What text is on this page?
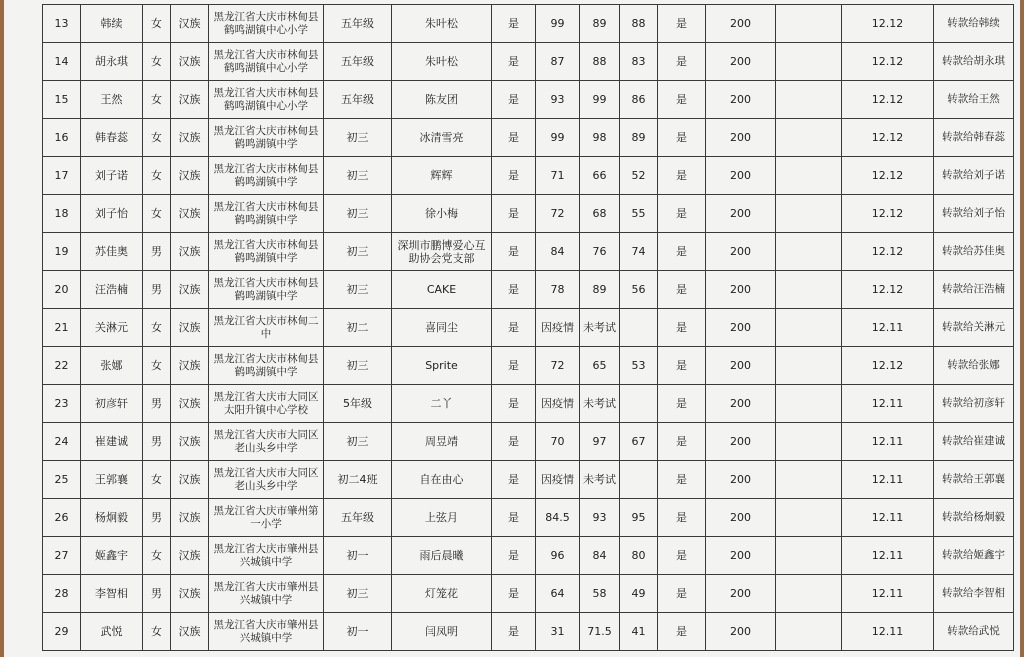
13	韩续	女	汉族	黑龙江省大庆市林甸县鹤鸣湖镇中心小学	五年级	朱叶松	是	99	89	88	是	200		12.12	转款给韩续
14	胡永琪	女	汉族	黑龙江省大庆市林甸县鹤鸣湖镇中心小学	五年级	朱叶松	是	87	88	83	是	200		12.12	转款给胡永琪
15	王然	女	汉族	黑龙江省大庆市林甸县鹤鸣湖镇中心小学	五年级	陈友团	是	93	99	86	是	200		12.12	转款给王然
16	韩春蕊	女	汉族	黑龙江省大庆市林甸县鹤鸣湖镇中学	初三	冰清雪亮	是	99	98	89	是	200		12.12	转款给韩春蕊
17	刘子诺	女	汉族	黑龙江省大庆市林甸县鹤鸣湖镇中学	初三	辉辉	是	71	66	52	是	200		12.12	转款给刘子诺
18	刘子怡	女	汉族	黑龙江省大庆市林甸县鹤鸣湖镇中学	初三	徐小梅	是	72	68	55	是	200		12.12	转款给刘子怡
19	苏佳奥	男	汉族	黑龙江省大庆市林甸县鹤鸣湖镇中学	初三	深圳市鹏博爱心互助协会党支部	是	84	76	74	是	200		12.12	转款给苏佳奥
20	汪浩楠	男	汉族	黑龙江省大庆市林甸县鹤鸣湖镇中学	初三	CAKE	是	78	89	56	是	200		12.12	转款给汪浩楠
21	关淋元	女	汉族	黑龙江省大庆市林甸二中	初二	喜同尘	是	因疫情	未考试		是	200		12.11	转款给关淋元
22	张娜	女	汉族	黑龙江省大庆市林甸县鹤鸣湖镇中学	初三	Sprite	是	72	65	53	是	200		12.12	转款给张娜
23	初彦轩	男	汉族	黑龙江省大庆市大同区太阳升镇中心学校	5年级	二丫	是	因疫情	未考试		是	200		12.11	转款给初彦轩
24	崔建诚	男	汉族	黑龙江省大庆市大同区老山头乡中学	初三	周昱靖	是	70	97	67	是	200		12.11	转款给崔建诚
25	王郭襄	女	汉族	黑龙江省大庆市大同区老山头乡中学	初二4班	自在由心	是	因疫情	未考试		是	200		12.11	转款给王郭襄
26	杨炯毅	男	汉族	黑龙江省大庆市肇州第一小学	五年级	上弦月	是	84.5	93	95	是	200		12.11	转款给杨炯毅
27	姬鑫宇	女	汉族	黑龙江省大庆市肇州县兴城镇中学	初一	雨后晨曦	是	96	84	80	是	200		12.11	转款给姬鑫宇
28	李智相	男	汉族	黑龙江省大庆市肇州县兴城镇中学	初三	灯笼花	是	64	58	49	是	200		12.11	转款给李智相
29	武悦	女	汉族	黑龙江省大庆市肇州县兴城镇中学	初一	闫凤明	是	31	71.5	41	是	200		12.11	转款给武悦
